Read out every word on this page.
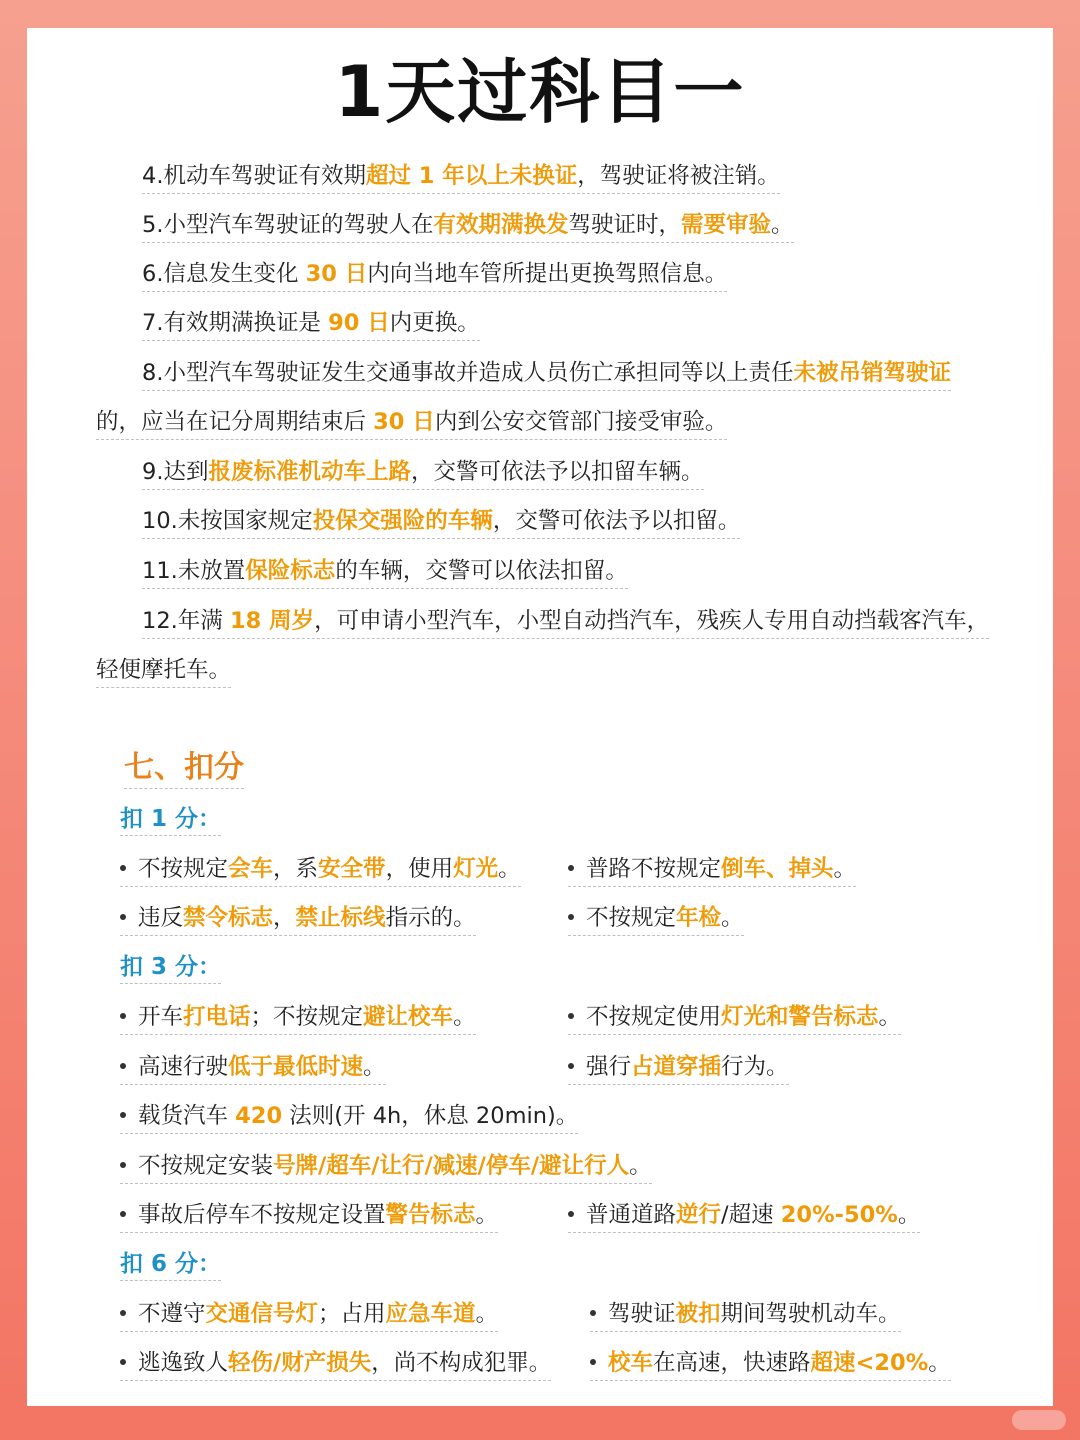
1天过科目一
4.机动车驾驶证有效期超过 1 年以上未换证，驾驶证将被注销。
5.小型汽车驾驶证的驾驶人在有效期满换发驾驶证时，需要审验。
6.信息发生变化 30 日内向当地车管所提出更换驾照信息。
7.有效期满换证是 90 日内更换。
8.小型汽车驾驶证发生交通事故并造成人员伤亡承担同等以上责任未被吊销驾驶证
的，应当在记分周期结束后 30 日内到公安交管部门接受审验。
9.达到报废标准机动车上路，交警可依法予以扣留车辆。
10.未按国家规定投保交强险的车辆，交警可依法予以扣留。
11.未放置保险标志的车辆，交警可以依法扣留。
12.年满 18 周岁，可申请小型汽车，小型自动挡汽车，残疾人专用自动挡载客汽车，
轻便摩托车。
七、扣分
扣 1 分：
不按规定会车，系安全带，使用灯光。	普路不按规定倒车、掉头。
违反禁令标志，禁止标线指示的。	不按规定年检。
扣 3 分：
开车打电话；不按规定避让校车。	不按规定使用灯光和警告标志。
高速行驶低于最低时速。	强行占道穿插行为。
载货汽车 420 法则(开 4h，休息 20min)。
不按规定安装号牌/超车/让行/减速/停车/避让行人。
事故后停车不按规定设置警告标志。	普通道路逆行/超速 20%-50%。
扣 6 分：
不遵守交通信号灯；占用应急车道。	驾驶证被扣期间驾驶机动车。
逃逸致人轻伤/财产损失，尚不构成犯罪。	校车在高速，快速路超速<20%。
